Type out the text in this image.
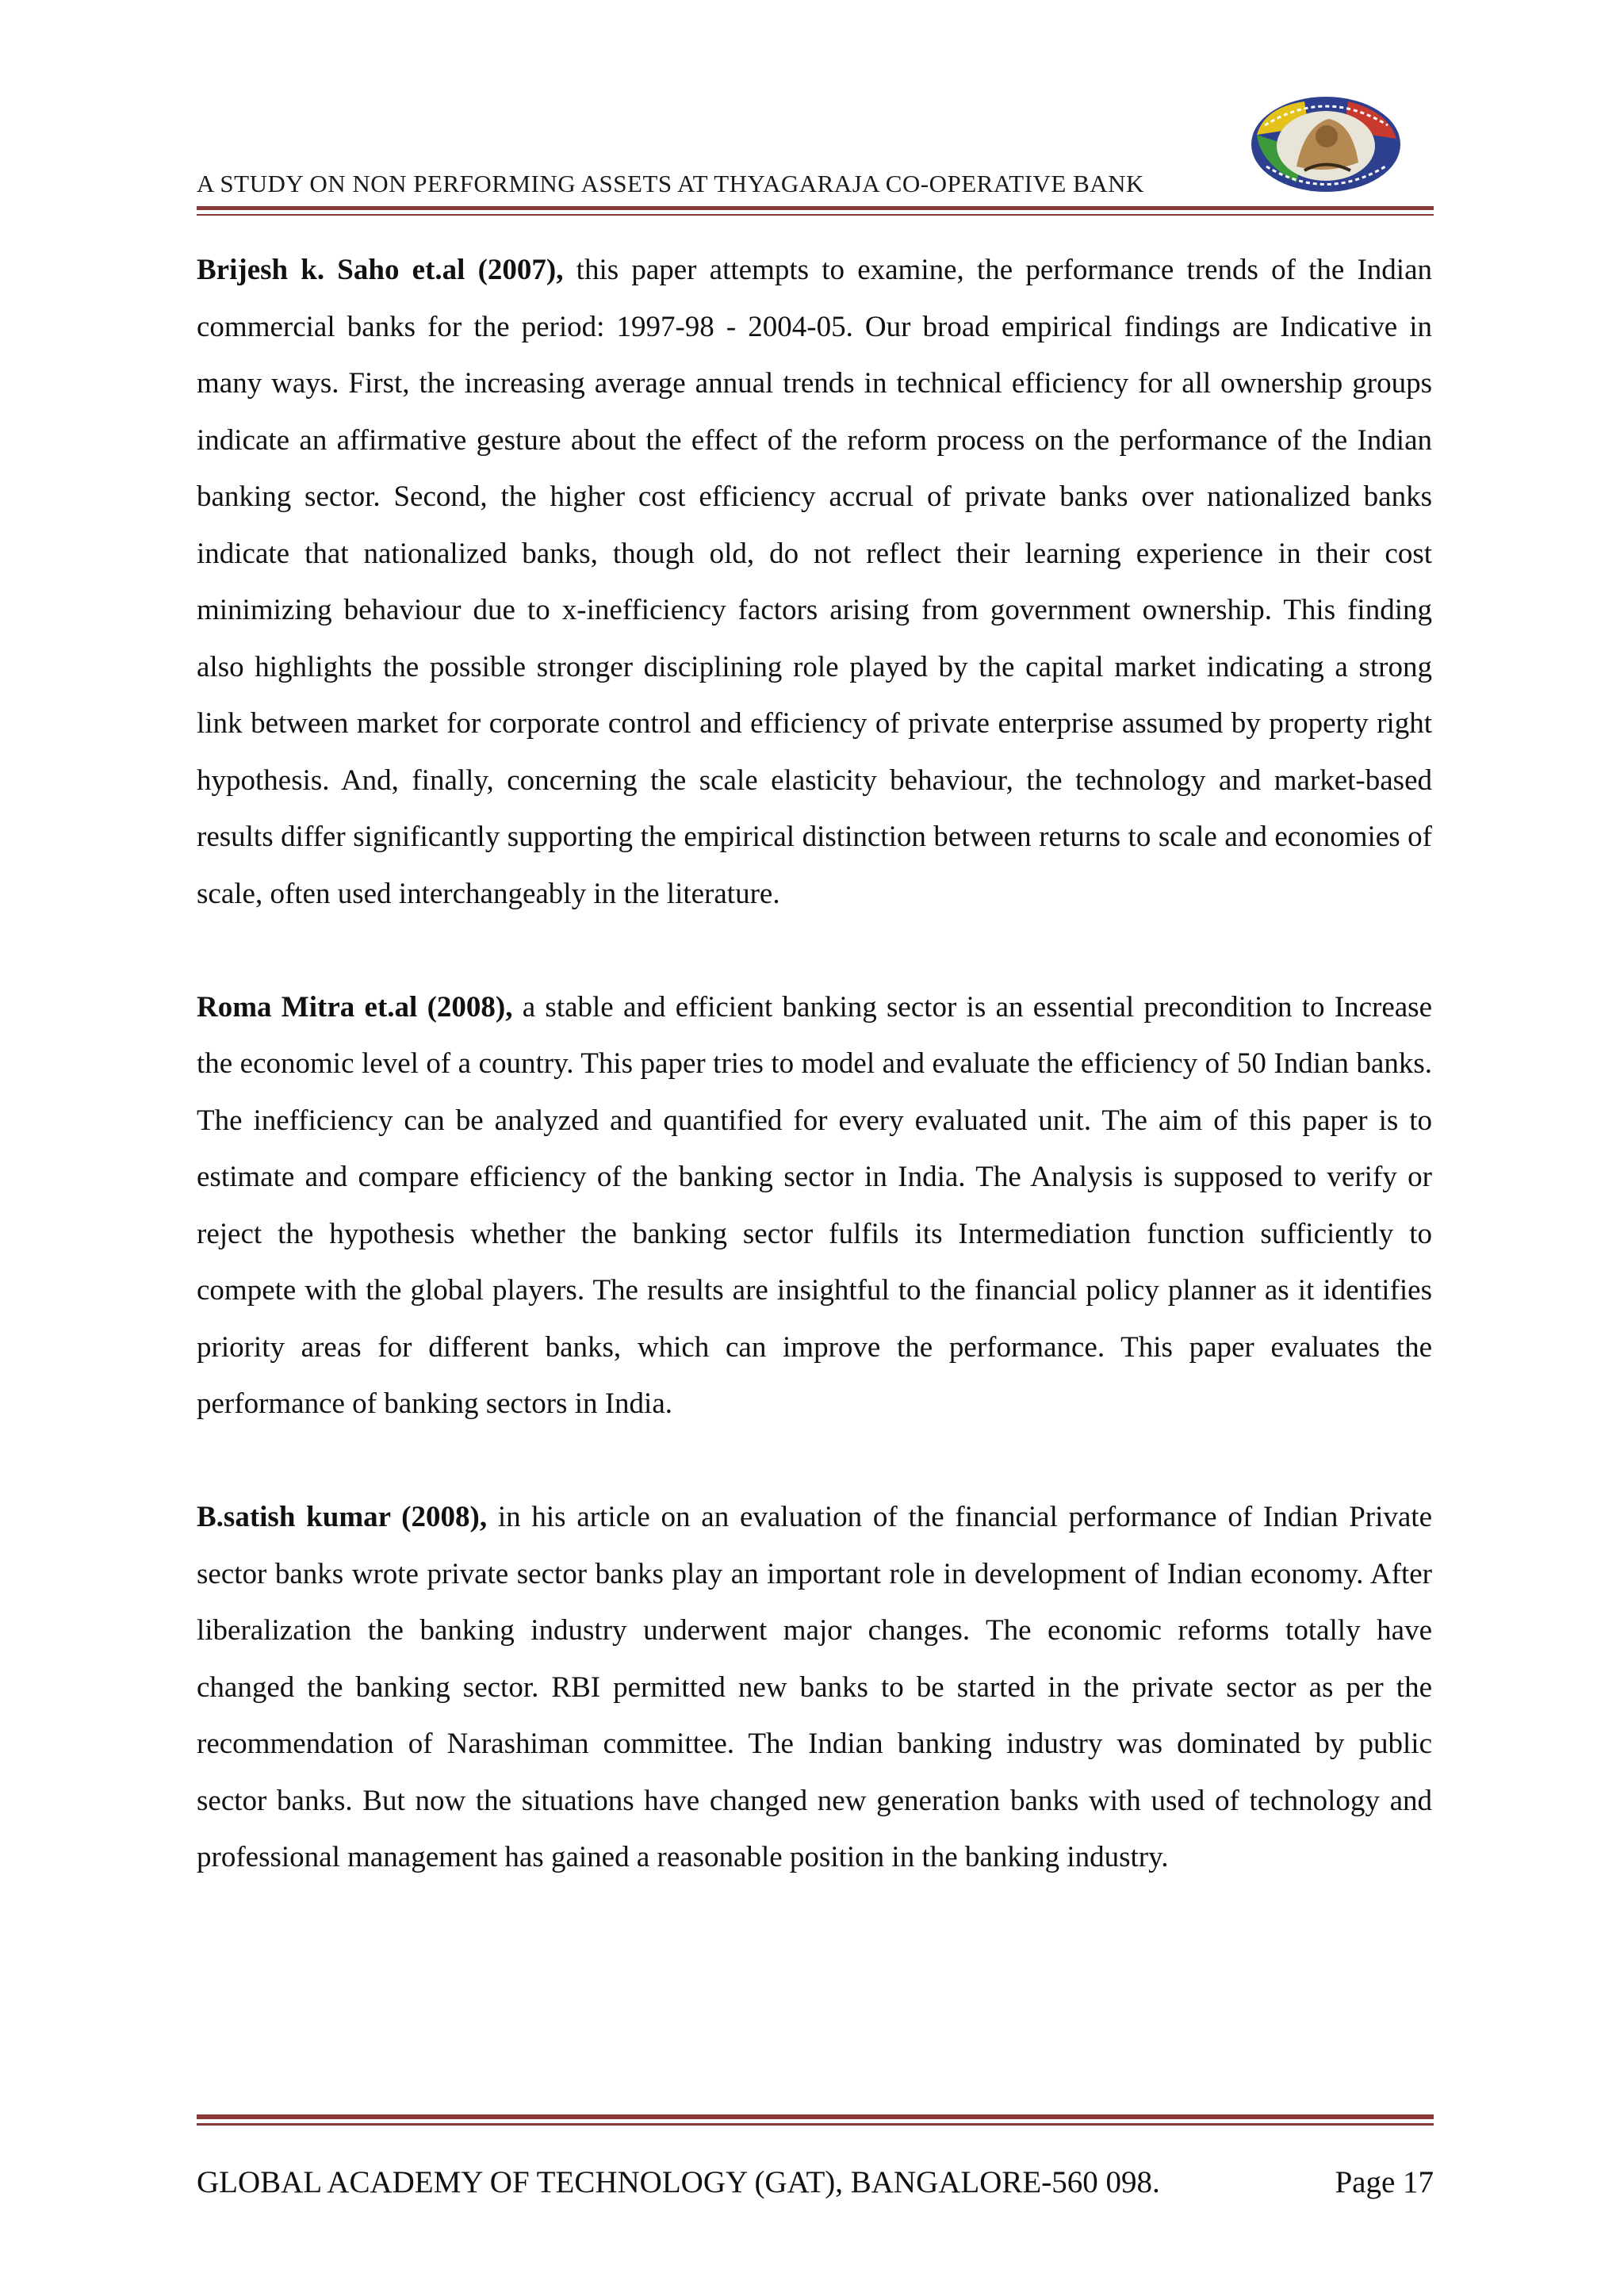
A STUDY ON NON PERFORMING ASSETS AT THYAGARAJA CO-OPERATIVE BANK

Brijesh k. Saho et.al (2007), this paper attempts to examine, the performance trends of the Indian commercial banks for the period: 1997-98 - 2004-05. Our broad empirical findings are Indicative in many ways. First, the increasing average annual trends in technical efficiency for all ownership groups indicate an affirmative gesture about the effect of the reform process on the performance of the Indian banking sector. Second, the higher cost efficiency accrual of private banks over nationalized banks indicate that nationalized banks, though old, do not reflect their learning experience in their cost minimizing behaviour due to x-inefficiency factors arising from government ownership. This finding also highlights the possible stronger disciplining role played by the capital market indicating a strong link between market for corporate control and efficiency of private enterprise assumed by property right hypothesis. And, finally, concerning the scale elasticity behaviour, the technology and market-based results differ significantly supporting the empirical distinction between returns to scale and economies of scale, often used interchangeably in the literature.

Roma Mitra et.al (2008), a stable and efficient banking sector is an essential precondition to Increase the economic level of a country. This paper tries to model and evaluate the efficiency of 50 Indian banks. The inefficiency can be analyzed and quantified for every evaluated unit. The aim of this paper is to estimate and compare efficiency of the banking sector in India. The Analysis is supposed to verify or reject the hypothesis whether the banking sector fulfils its Intermediation function sufficiently to compete with the global players. The results are insightful to the financial policy planner as it identifies priority areas for different banks, which can improve the performance. This paper evaluates the performance of banking sectors in India.

B.satish kumar (2008), in his article on an evaluation of the financial performance of Indian Private sector banks wrote private sector banks play an important role in development of Indian economy. After liberalization the banking industry underwent major changes. The economic reforms totally have changed the banking sector. RBI permitted new banks to be started in the private sector as per the recommendation of Narashiman committee. The Indian banking industry was dominated by public sector banks. But now the situations have changed new generation banks with used of technology and professional management has gained a reasonable position in the banking industry.

GLOBAL ACADEMY OF TECHNOLOGY (GAT), BANGALORE-560 098.	Page 17
